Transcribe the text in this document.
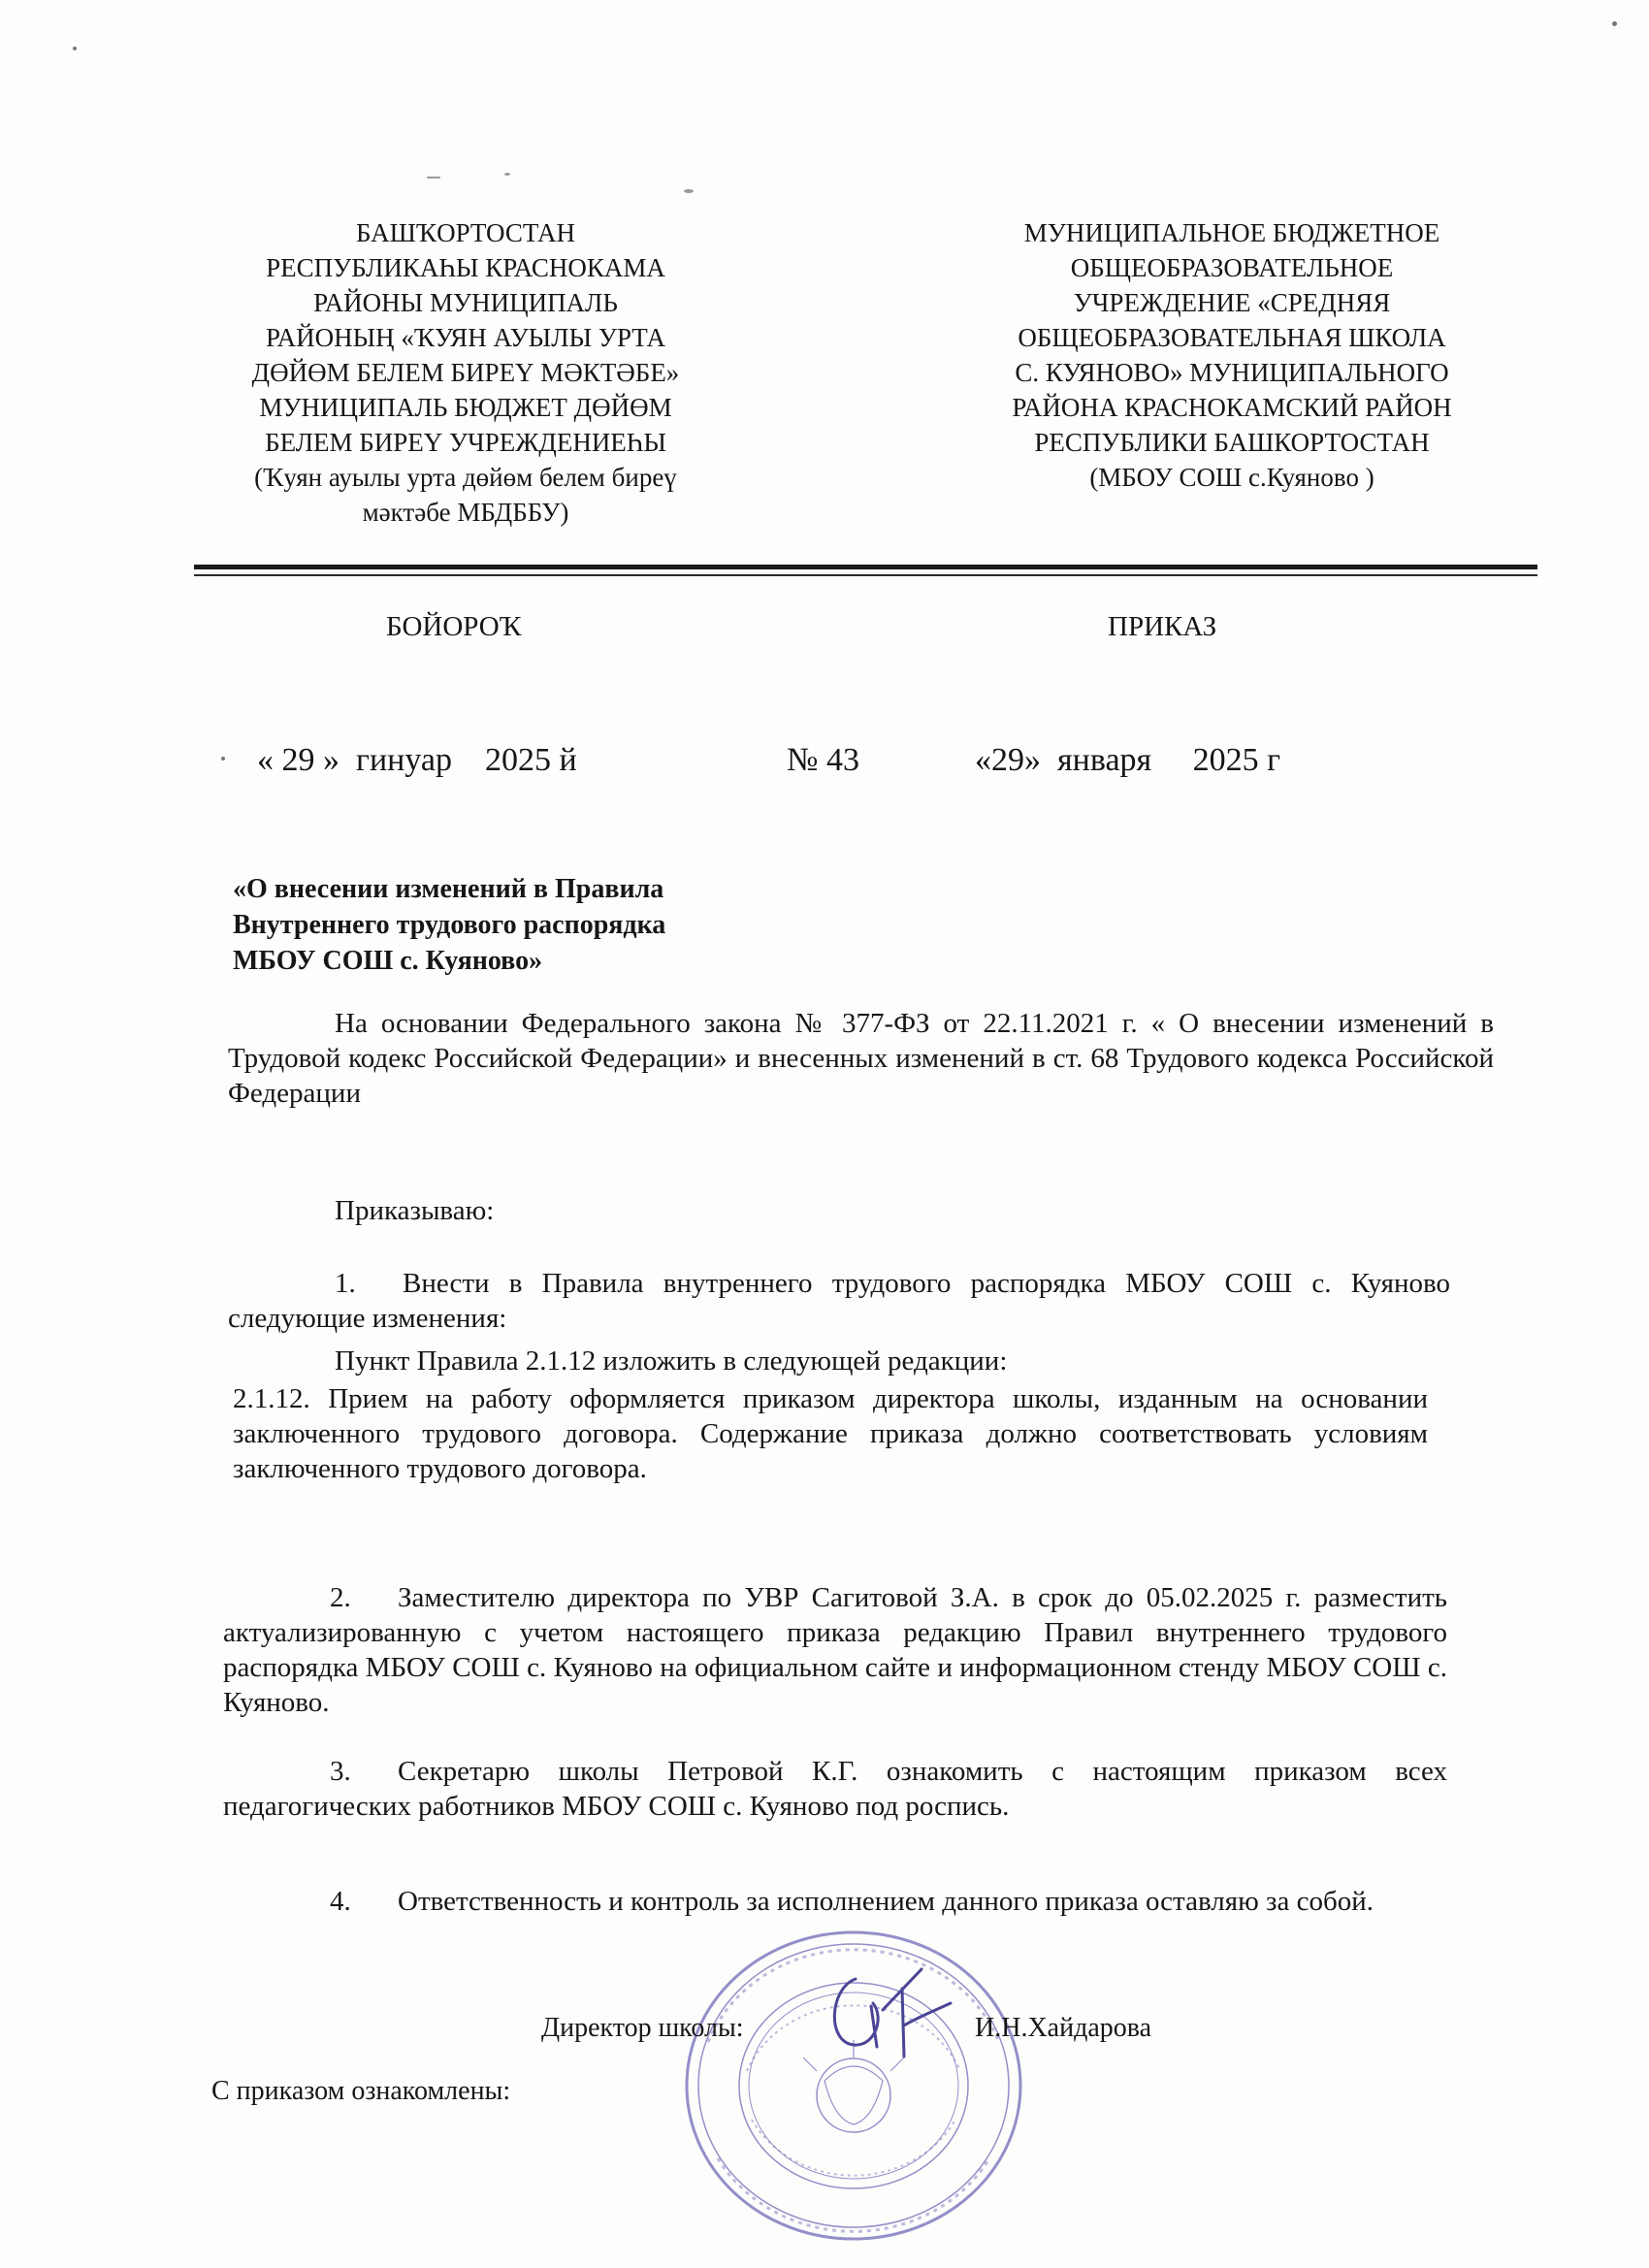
БАШҠОРТОСТАН
РЕСПУБЛИКАҺЫ КРАСНОКАМА
РАЙОНЫ МУНИЦИПАЛЬ
РАЙОНЫҢ «ҠУЯН АУЫЛЫ УРТА
ДӨЙӨМ БЕЛЕМ БИРЕҮ МӘКТӘБЕ»
МУНИЦИПАЛЬ БЮДЖЕТ ДӨЙӨМ
БЕЛЕМ БИРЕҮ УЧРЕЖДЕНИЕҺЫ
(Ҡуян ауылы урта дөйөм белем биреү
мәктәбе МБДББУ)
МУНИЦИПАЛЬНОЕ БЮДЖЕТНОЕ
ОБЩЕОБРАЗОВАТЕЛЬНОЕ
УЧРЕЖДЕНИЕ «СРЕДНЯЯ
ОБЩЕОБРАЗОВАТЕЛЬНАЯ ШКОЛА
С. КУЯНОВО» МУНИЦИПАЛЬНОГО
РАЙОНА КРАСНОКАМСКИЙ РАЙОН
РЕСПУБЛИКИ БАШКОРТОСТАН
(МБОУ СОШ с.Куяново )
БОЙОРОҠ	ПРИКАЗ
« 29 »  гинуар    2025 й	№ 43	«29»  января     2025 г
«О внесении изменений в Правила
Внутреннего трудового распорядка
МБОУ СОШ с. Куяново»
На основании Федерального закона № 377-ФЗ от 22.11.2021 г. « О внесении изменений в Трудовой кодекс Российской Федерации» и внесенных изменений в ст. 68 Трудового кодекса Российской Федерации
Приказываю:
1. Внести в Правила внутреннего трудового распорядка МБОУ СОШ с. Куяново следующие изменения:
Пункт Правила 2.1.12 изложить в следующей редакции:
2.1.12. Прием на работу оформляется приказом директора школы, изданным на основании заключенного трудового договора. Содержание приказа должно соответствовать условиям заключенного трудового договора.
2. Заместителю директора по УВР Сагитовой З.А. в срок до 05.02.2025 г. разместить актуализированную с учетом настоящего приказа редакцию Правил внутреннего трудового распорядка МБОУ СОШ с. Куяново на официальном сайте и информационном стенду МБОУ СОШ с. Куяново.
3. Секретарю школы Петровой К.Г. ознакомить с настоящим приказом всех педагогических работников МБОУ СОШ с. Куяново под роспись.
4. Ответственность и контроль за исполнением данного приказа оставляю за собой.
Директор школы:	И.Н.Хайдарова
С приказом ознакомлены:
